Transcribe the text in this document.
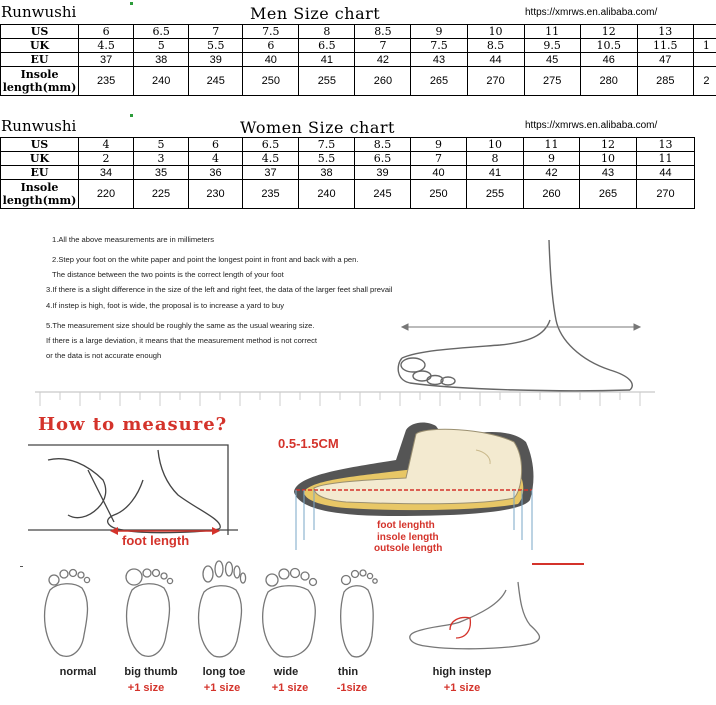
Runwushi	Men Size chart	https://xmrws.en.alibaba.com/
US	6	6.5	7	7.5	8	8.5	9	10	11	12	13	
UK	4.5	5	5.5	6	6.5	7	7.5	8.5	9.5	10.5	11.5	1
EU	37	38	39	40	41	42	43	44	45	46	47	
Insole
length(mm)	235	240	245	250	255	260	265	270	275	280	285	2
Runwushi	Women Size chart	https://xmrws.en.alibaba.com/
US	4	5	6	6.5	7.5	8.5	9	10	11	12	13
UK	2	3	4	4.5	5.5	6.5	7	8	9	10	11
EU	34	35	36	37	38	39	40	41	42	43	44
Insole
length(mm)	220	225	230	235	240	245	250	255	260	265	270
1.All the above measurements are in millimeters
2.Step your foot on the white paper and point the longest point in front and back with a pen.
The distance between the two points is the correct length of your foot
3.If there is a slight difference in the size of the left and right feet, the data of the larger feet shall prevail
4.If instep is high, foot is wide, the proposal is to increase a yard to buy
5.The measurement size should be roughly the same as the usual wearing size.
If there is a large deviation, it means that the measurement method is not correct
or the data is not accurate enough
How to measure?
foot length
0.5-1.5CM
foot lenghth
insole length
outsole length
normal	big thumb	long toe	wide	thin	high instep
+1 size	+1 size	+1 size	-1size	+1 size
